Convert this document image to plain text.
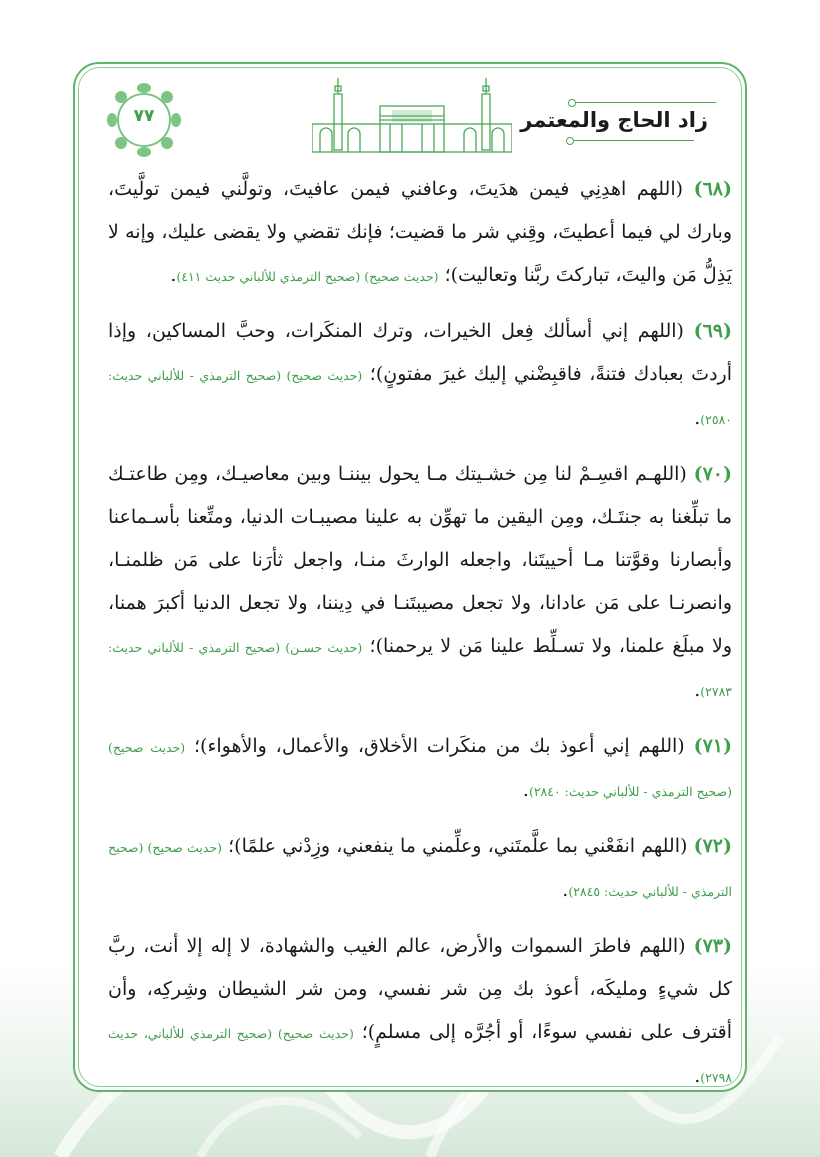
زاد الحاج والمعتمر
٧٧

(٦٨) (اللهم اهدِنِي فيمن هدَيتَ، وعافني فيمن عافيتَ، وتولَّني فيمن تولَّيتَ، وبارك لي فيما أعطيتَ، وقِني شر ما قضيت؛ فإنك تقضي ولا يقضى عليك، وإنه لا يَذِلُّ مَن واليتَ، تباركتَ ربَّنا وتعاليت)؛ (حديث صحيح) (صحيح الترمذي للألباني حديث ٤١١).

(٦٩) (اللهم إني أسألك فِعل الخيرات، وترك المنكَرات، وحبَّ المساكين، وإذا أردتَ بعبادك فتنةً، فاقبِضْني إليك غيرَ مفتونٍ)؛ (حديث صحيح) (صحيح الترمذي - للألباني حديث: ٢٥٨٠).

(٧٠) (اللهـم اقسِـمْ لنا مِن خشـيتك مـا يحول بيننـا وبين معاصيـك، ومِن طاعتـك ما تبلِّغنا به جنتَـك، ومِن اليقين ما تهوِّن به علينا مصيبـات الدنيا، ومتِّعنا بأسـماعنا وأبصارنا وقوَّتنا مـا أحييتَنا، واجعله الوارثَ منـا، واجعل ثأرَنا على مَن ظلمنـا، وانصرنـا على مَن عادانا، ولا تجعل مصيبتَنـا في دِيننا، ولا تجعل الدنيا أكبرَ همنا، ولا مبلَغ علمنا، ولا تسـلِّط علينا مَن لا يرحمنا)؛ (حديث حسـن) (صحيح الترمذي - للألباني حديث: ٢٧٨٣).

(٧١) (اللهم إني أعوذ بك من منكَرات الأخلاق، والأعمال، والأهواء)؛ (حديث صحيح) (صحيح الترمذي - للألباني حديث: ٢٨٤٠).

(٧٢) (اللهم انفَعْني بما علَّمتَني، وعلِّمني ما ينفعني، وزِدْني علمًا)؛ (حديث صحيح) (صحيح الترمذي - للألباني حديث: ٢٨٤٥).

(٧٣) (اللهم فاطرَ السموات والأرض، عالم الغيب والشهادة، لا إله إلا أنت، ربَّ كل شيءٍ ومليكَه، أعوذ بك مِن شر نفسي، ومن شر الشيطان وشِركِه، وأن أقترف على نفسي سوءًا، أو أجُرَّه إلى مسلمٍ)؛ (حديث صحيح) (صحيح الترمذي للألباني، حديث ٢٧٩٨).
